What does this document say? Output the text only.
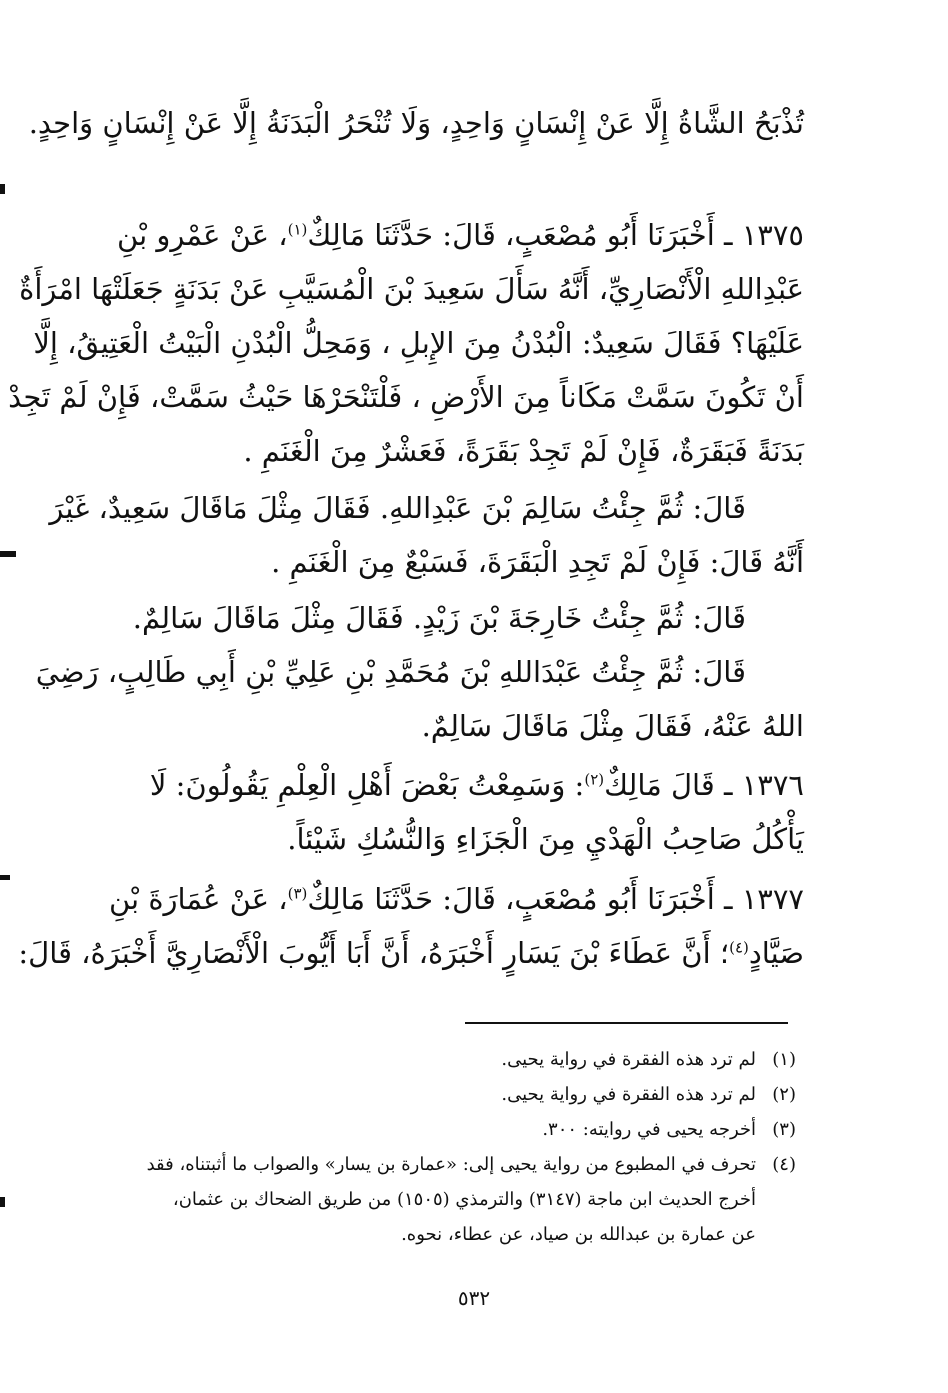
تُذْبَحُ الشَّاةُ إِلَّا عَنْ إِنْسَانٍ وَاحِدٍ، وَلَا تُنْحَرُ الْبَدَنَةُ إِلَّا عَنْ إِنْسَانٍ وَاحِدٍ.
١٣٧٥ ـ أَخْبَرَنَا أَبُو مُصْعَبٍ، قَالَ: حَدَّثَنَا مَالِكٌ$^{(١)}$، عَنْ عَمْرِو بْنِ
عَبْدِاللهِ الْأَنْصَارِيِّ، أَنَّهُ سَأَلَ سَعِيدَ بْنَ الْمُسَيَّبِ عَنْ بَدَنَةٍ جَعَلَتْهَا امْرَأَةٌ
عَلَيْهَا؟ فَقَالَ سَعِيدٌ: الْبُدْنُ مِنَ الإِبلِ ، وَمَحِلُّ الْبُدْنِ الْبَيْتُ الْعَتِيقُ، إِلَّا
أَنْ تَكُونَ سَمَّتْ مَكَاناً مِنَ الأَرْضِ ، فَلْتَنْحَرْهَا حَيْثُ سَمَّتْ، فَإِنْ لَمْ تَجِدْ
بَدَنَةً فَبَقَرَةٌ، فَإِنْ لَمْ تَجِدْ بَقَرَةً، فَعَشْرٌ مِنَ الْغَنَمِ .
قَالَ: ثُمَّ جِئْتُ سَالِمَ بْنَ عَبْدِاللهِ. فَقَالَ مِثْلَ مَاقَالَ سَعِيدٌ، غَيْرَ
أَنَّهُ قَالَ: فَإِنْ لَمْ تَجِدِ الْبَقَرَةَ، فَسَبْعٌ مِنَ الْغَنَمِ .
قَالَ: ثُمَّ جِئْتُ خَارِجَةَ بْنَ زَيْدٍ. فَقَالَ مِثْلَ مَاقَالَ سَالِمٌ.
قَالَ: ثُمَّ جِئْتُ عَبْدَاللهِ بْنَ مُحَمَّدِ بْنِ عَلِيِّ بْنِ أَبِي طَالِبٍ، رَضِيَ
اللهُ عَنْهُ، فَقَالَ مِثْلَ مَاقَالَ سَالِمٌ.
١٣٧٦ ـ قَالَ مَالِكٌ$^{(٢)}$: وَسَمِعْتُ بَعْضَ أَهْلِ الْعِلْمِ يَقُولُونَ: لَا
يَأْكُلُ صَاحِبُ الْهَدْيِ مِنَ الْجَزَاءِ وَالنُّسُكِ شَيْئاً.
١٣٧٧ ـ أَخْبَرَنَا أَبُو مُصْعَبٍ، قَالَ: حَدَّثَنَا مَالِكٌ$^{(٣)}$، عَنْ عُمَارَةَ بْنِ
صَيَّادٍ$^{(٤)}$؛ أَنَّ عَطَاءَ بْنَ يَسَارٍ أَخْبَرَهُ، أَنَّ أَبَا أَيُّوبَ الْأَنْصَارِيَّ أَخْبَرَهُ، قَالَ:
(١)
لم ترد هذه الفقرة في رواية يحيى.
(٢)
لم ترد هذه الفقرة في رواية يحيى.
(٣)
أخرجه يحيى في روايته: ٣٠٠.
(٤)
تحرف في المطبوع من رواية يحيى إلى: «عمارة بن يسار» والصواب ما أثبتناه، فقد
أخرج الحديث ابن ماجة (٣١٤٧) والترمذي (١٥٠٥) من طريق الضحاك بن عثمان،
عن عمارة بن عبدالله بن صياد، عن عطاء، نحوه.
٥٣٢
